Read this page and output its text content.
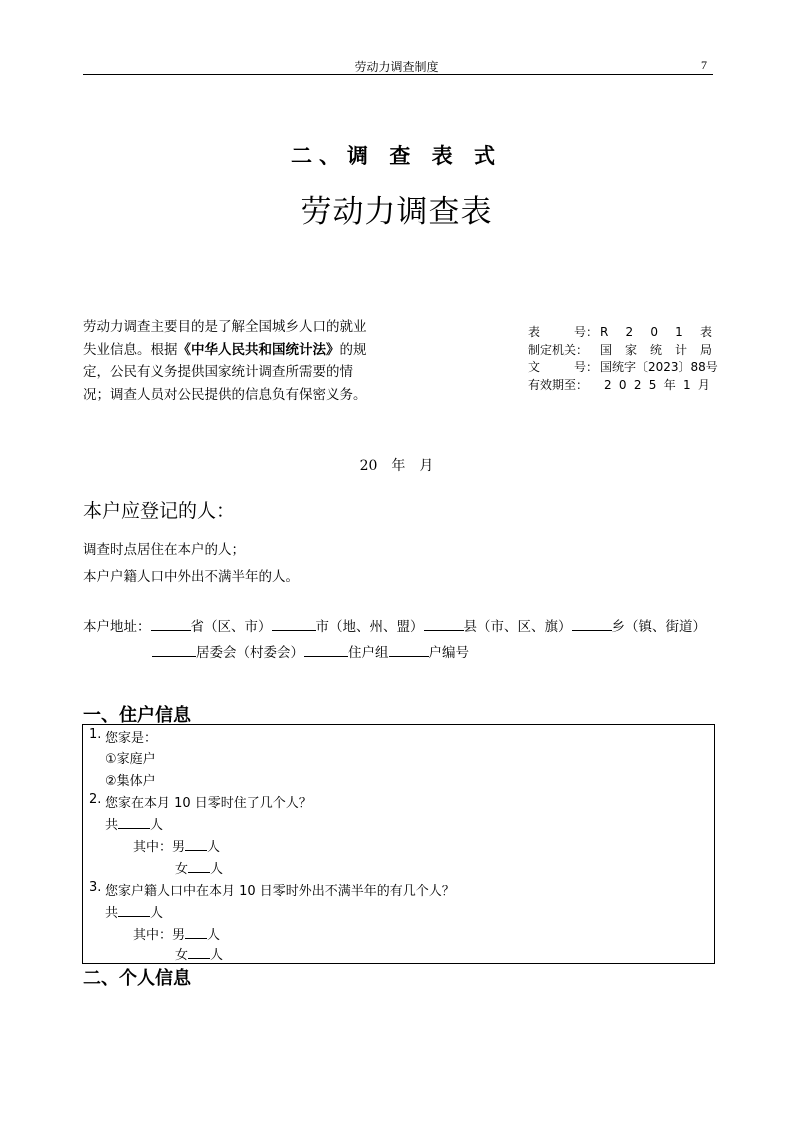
劳动力调查制度	7
二、调 查 表 式
劳动力调查表
劳动力调查主要目的是了解全国城乡人口的就业失业信息。根据《中华人民共和国统计法》的规定，公民有义务提供国家统计调查所需要的情况；调查人员对公民提供的信息负有保密义务。
表	号： R 2 0 1 表
制定机关： 国 家 统 计 局
文	号： 国统字〔2023〕88号
有效期至：	2 0 2 5 年 1 月
20 年 月
本户应登记的人：
调查时点居住在本户的人；
本户户籍人口中外出不满半年的人。
本户地址：	省（区、市）	市（地、州、盟）	县（市、区、旗）	乡（镇、街道）
居委会（村委会）	住户组	户编号
一、住户信息
1. 您家是：
①家庭户
②集体户
2. 您家在本月 10 日零时住了几个人？
共 人
其中：男 人
女 人
3. 您家户籍人口中在本月 10 日零时外出不满半年的有几个人？
共 人
其中：男 人
女 人
二、个人信息
